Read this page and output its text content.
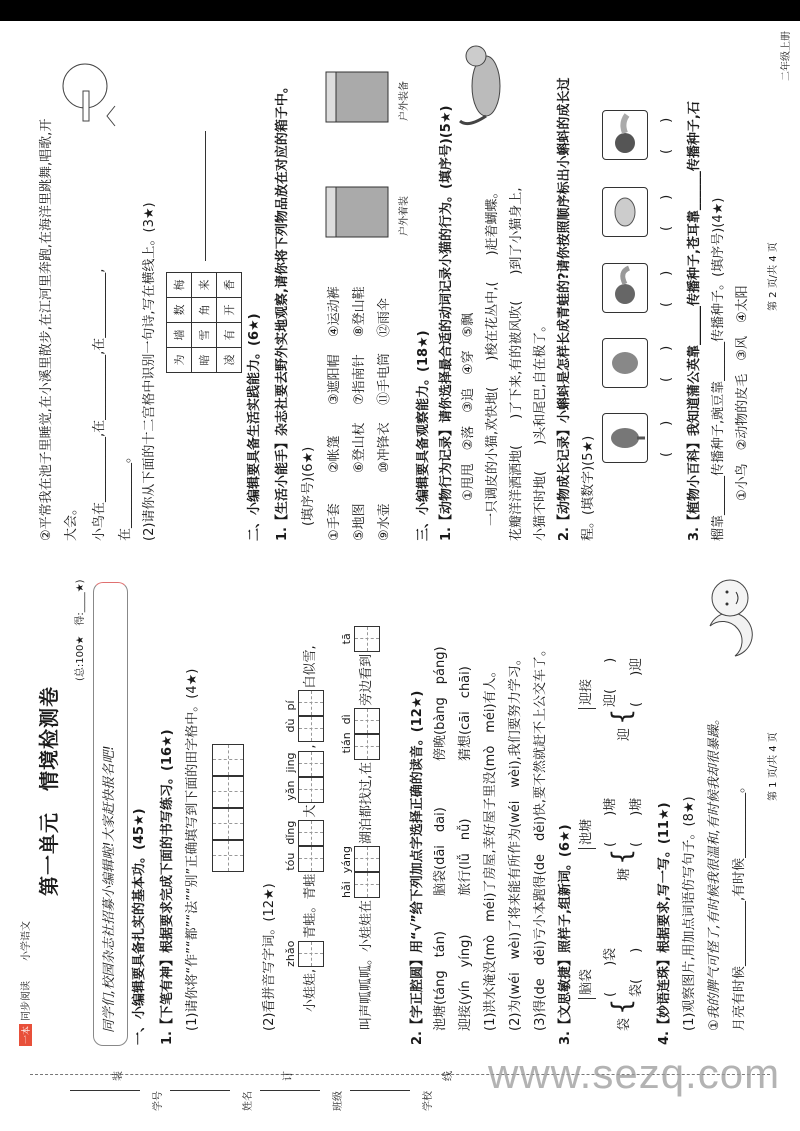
装	订	线
学号	姓名	班级	学校
一本
同步阅读
小学语文
第一单元　情境检测卷
(总:100★　得:____★)
同学们,校园杂志社招募小编辑啦!大家赶快报名吧! 一、小编辑要具备扎实的基本功。(45★) 1.【下笔有神】根据要求完成下面的书写练习。(16★) (1)请你将“作”“都”“法”“别”正确填写到下面的田字格中。(4★)	(2)看拼音写字词。(12★)	小娃娃,
zhǎo
青蛙。青蛙
tóu
dǐng
大
yǎn
jing
,
dù
pí
白似雪,
叫声呱呱呱。小娃娃在
hǎi
yáng
湖泊都找过,在
tián
dì
旁边看到
tā
2.【字正腔圆】用“√”给下列加点字选择正确的读音。(12★) 池塘(táng　tán)
脑袋(dāi　dai)
傍晚(bàng　páng)
迎接(yín　yíng)
旅行(lǚ　nǚ)
猜想(cāi　chāi) (1)洪水淹没(mò　méi)了房屋,幸好屋子里没(mò　méi)有人。 (2)为(wéi　wèi)了将来能有所作为(wéi　wèi),我们要努力学习。 (3)得(de　děi)亏小本跑得(de　děi)快,要不然就赶不上公交车了。 3.【文思敏捷】照样子,组新词。(6★) 脑袋
袋
{
(　　)袋 袋(　　)
池塘
塘
{
(　　)塘 (　　)塘
迎接
迎
{
迎(　　) (　　)迎
4.【妙语连珠】根据要求,写一写。(11★) (1)观察图片,用加点词语仿写句子。(8★) ①我的脾气可怪了,有时候我很温和,有时候我却很暴躁。 月亮有时候__________,有时候__________。
第 1 页/共 4 页
二年级上册
②平常我在池子里睡觉,在小溪里散步,在江河里奔跑,在海洋里跳舞,唱歌,开 大会。 小鸟在__________,在__________,在__________, 在__________。 (2)请你从下面的十二宫格中识别一句诗,写在横线上。(3★) 为	墙	数	梅
暗	雪	角	来
凌	有	开	香
二、小编辑要具备生活实践能力。(6★) 1.【生活小能手】杂志社要去野外实地观察,请你将下列物品放在对应的箱子中。 (填序号)(6★) ①手套
②帐篷
③遮阳帽
④运动裤
⑤地图
⑥登山杖
⑦指南针
⑧登山鞋
⑨水壶
⑩冲锋衣
⑪手电筒
⑫雨伞
户外着装
户外装备
三、小编辑要具备观察能力。(18★) 1.【动物行为记录】请你选择最合适的动词记录小猫的行为。(填序号)(5★) ①甩甩　②落　③追　④穿　⑤飘 一只调皮的小猫,欢快地(　　)梭在花丛中,(　　)赶着蝴蝶。 花瓣洋洋洒洒地(　　)了下来,有的被风吹(　　)到了小猫身上, 小猫不时地(　　)头和尾巴,自在极了。 2.【动物成长记录】小蝌蚪是怎样长成青蛙的?请你按照顺序标出小蝌蚪的成长过 程。(填数字)(5★)	(　　)
(　　)
(　　)
(　　)
(　　) 3.【植物小百科】我知道蒲公英靠______传播种子,苍耳靠______传播种子,石 榴靠______传播种子,豌豆靠______传播种子。(填序号)(4★) ①小鸟　②动物的皮毛　③风　④太阳
第 2 页/共 4 页
www.sezq.com
